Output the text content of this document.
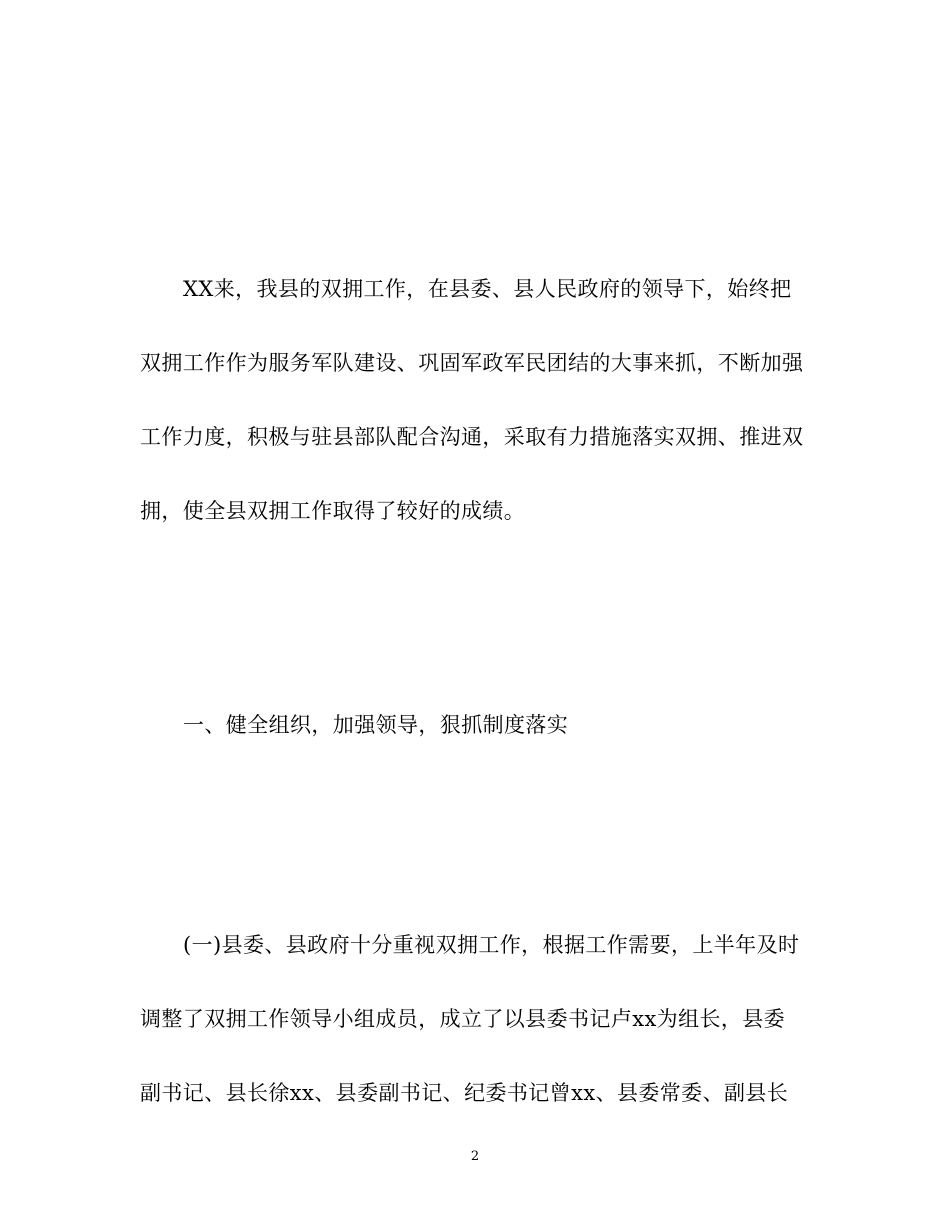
XX来，我县的双拥工作，在县委、县人民政府的领导下，始终把
双拥工作作为服务军队建设、巩固军政军民团结的大事来抓，不断加强
工作力度，积极与驻县部队配合沟通，采取有力措施落实双拥、推进双
拥，使全县双拥工作取得了较好的成绩。
一、健全组织，加强领导，狠抓制度落实
(一)县委、县政府十分重视双拥工作，根据工作需要，上半年及时
调整了双拥工作领导小组成员，成立了以县委书记卢xx为组长，县委
副书记、县长徐xx、县委副书记、纪委书记曾xx、县委常委、副县长
2
